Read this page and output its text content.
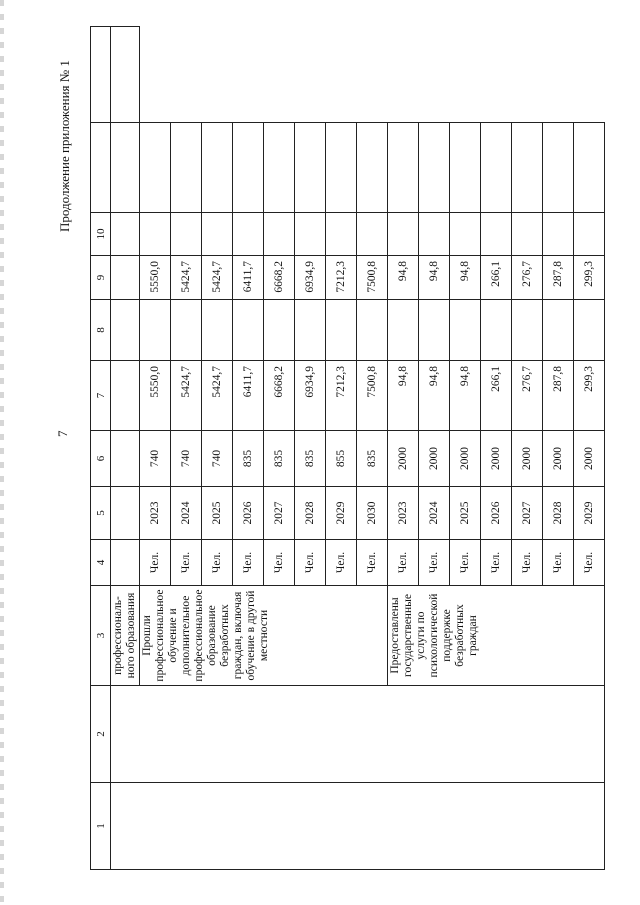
7
Продолжение приложения № 1
1	2	3	4	5	6	7	8	9	10		
		профессиональ-ного образования									
		Прошли профессиональное обучение и дополнительное профессиональное образование безработных граждан, включая обучение в другой местности	Чел.	2023	740	5550,0		5550,0			
			Чел.	2024	740	5424,7		5424,7			
			Чел.	2025	740	5424,7		5424,7			
			Чел.	2026	835	6411,7		6411,7			
			Чел.	2027	835	6668,2		6668,2			
			Чел.	2028	835	6934,9		6934,9			
			Чел.	2029	855	7212,3		7212,3			
			Чел.	2030	835	7500,8		7500,8			
		Предоставлены государственные услуги по психологической поддержке безработных граждан	Чел.	2023	2000	94,8		94,8			
			Чел.	2024	2000	94,8		94,8			
			Чел.	2025	2000	94,8		94,8			
			Чел.	2026	2000	266,1		266,1			
			Чел.	2027	2000	276,7		276,7			
			Чел.	2028	2000	287,8		287,8			
			Чел.	2029	2000	299,3		299,3			
